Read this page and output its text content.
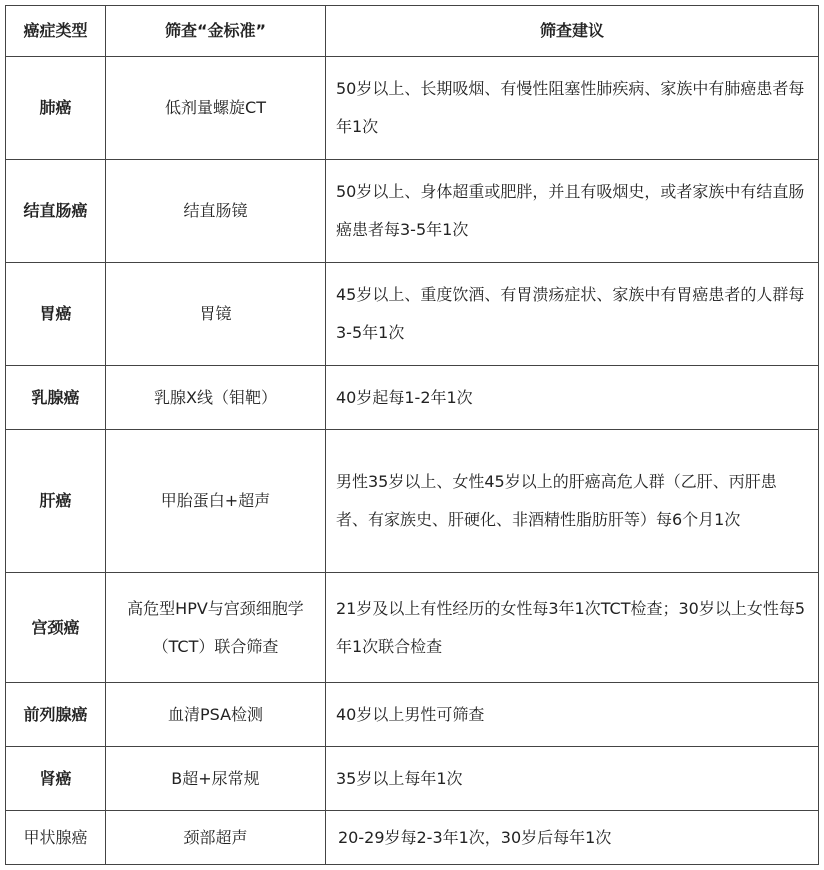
癌症类型	筛查“金标准”	筛查建议
肺癌	低剂量螺旋CT	50岁以上、长期吸烟、有慢性阻塞性肺疾病、家族中有肺癌患者每年1次
结直肠癌	结直肠镜	50岁以上、身体超重或肥胖，并且有吸烟史，或者家族中有结直肠癌患者每3-5年1次
胃癌	胃镜	45岁以上、重度饮酒、有胃溃疡症状、家族中有胃癌患者的人群每3-5年1次
乳腺癌	乳腺X线（钼靶）	40岁起每1-2年1次
肝癌	甲胎蛋白+超声	男性35岁以上、女性45岁以上的肝癌高危人群（乙肝、丙肝患者、有家族史、肝硬化、非酒精性脂肪肝等）每6个月1次
宫颈癌	高危型HPV与宫颈细胞学（TCT）联合筛查	21岁及以上有性经历的女性每3年1次TCT检查；30岁以上女性每5年1次联合检查
前列腺癌	血清PSA检测	40岁以上男性可筛查
肾癌	B超+尿常规	35岁以上每年1次
甲状腺癌	颈部超声	20-29岁每2-3年1次，30岁后每年1次
